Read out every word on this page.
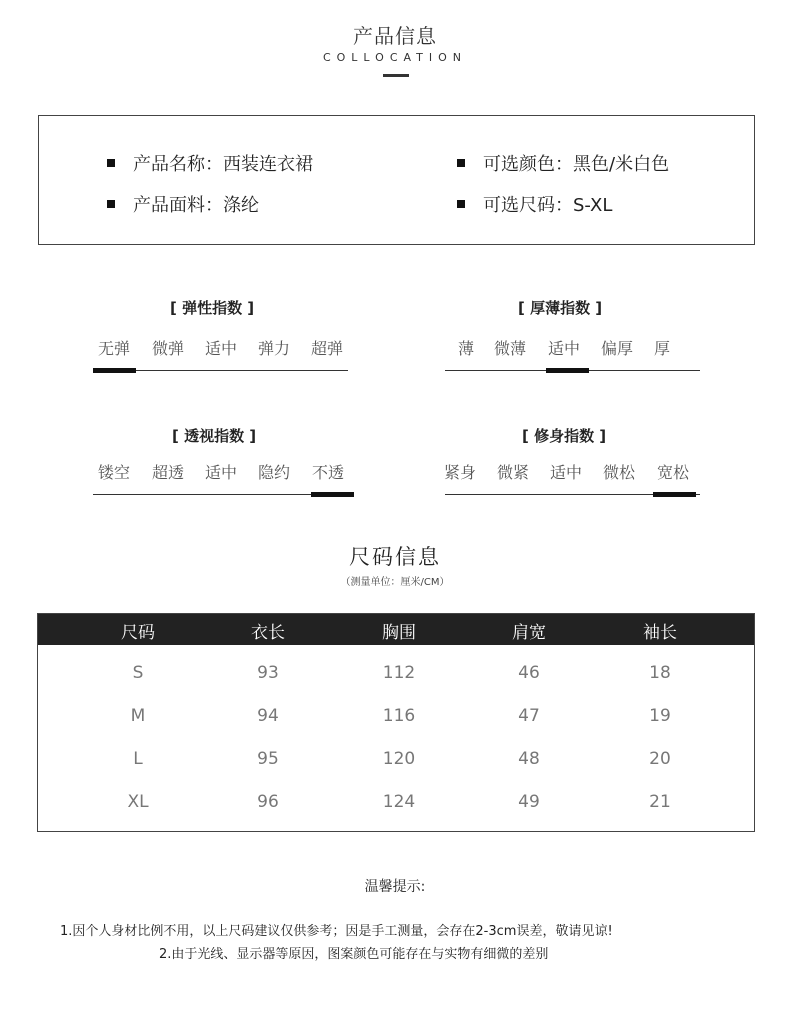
产品信息
COLLOCATION
产品名称：西装连衣裙
产品面料：涤纶
可选颜色：黑色/米白色
可选尺码：S-XL
[ 弹性指数 ]
无弹 微弹 适中 弹力 超弹
[ 厚薄指数 ]
薄 微薄 适中 偏厚 厚
[ 透视指数 ]
镂空 超透 适中 隐约 不透
[ 修身指数 ]
紧身 微紧 适中 微松 宽松
尺码信息
（测量单位：厘米/CM）
尺码	衣长	胸围	肩宽	袖长
S	93	112	46	18
M	94	116	47	19
L	95	120	48	20
XL	96	124	49	21
温馨提示:
1.因个人身材比例不用，以上尺码建议仅供参考；因是手工测量，会存在2-3cm误差，敬请见谅!
2.由于光线、显示器等原因，图案颜色可能存在与实物有细微的差别
